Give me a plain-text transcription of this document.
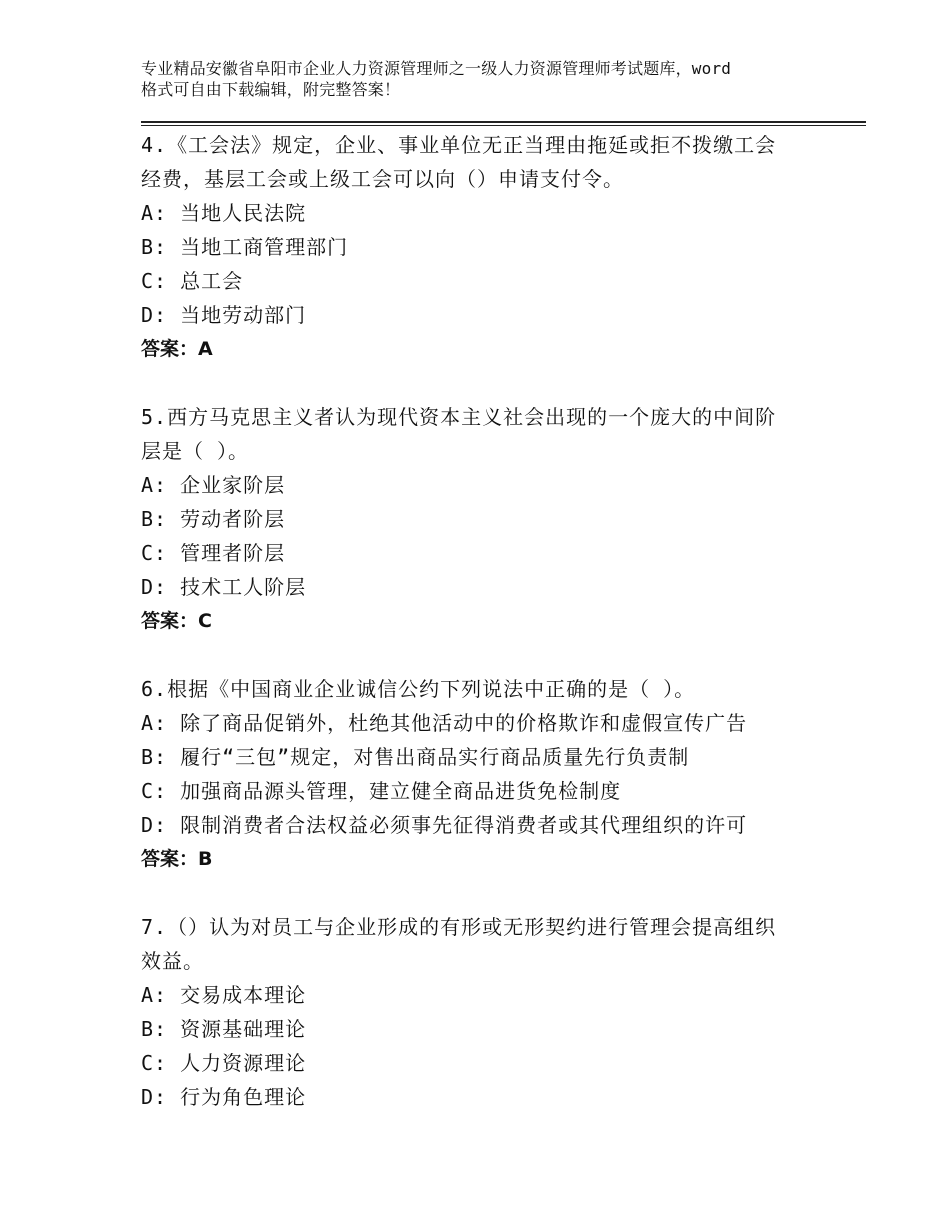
专业精品安徽省阜阳市企业人力资源管理师之一级人力资源管理师考试题库，word
格式可自由下载编辑，附完整答案！

4.《工会法》规定，企业、事业单位无正当理由拖延或拒不拨缴工会

经费，基层工会或上级工会可以向（）申请支付令。

A: 当地人民法院

B: 当地工商管理部门

C: 总工会

D: 当地劳动部门

答案：A

5.西方马克思主义者认为现代资本主义社会出现的一个庞大的中间阶

层是（ ）。

A: 企业家阶层

B: 劳动者阶层

C: 管理者阶层

D: 技术工人阶层

答案：C

6.根据《中国商业企业诚信公约下列说法中正确的是（ ）。

A: 除了商品促销外，杜绝其他活动中的价格欺诈和虚假宣传广告

B: 履行“三包”规定，对售出商品实行商品质量先行负责制

C: 加强商品源头管理，建立健全商品进货免检制度

D: 限制消费者合法权益必须事先征得消费者或其代理组织的许可

答案：B

7.（）认为对员工与企业形成的有形或无形契约进行管理会提高组织

效益。

A: 交易成本理论

B: 资源基础理论

C: 人力资源理论

D: 行为角色理论
